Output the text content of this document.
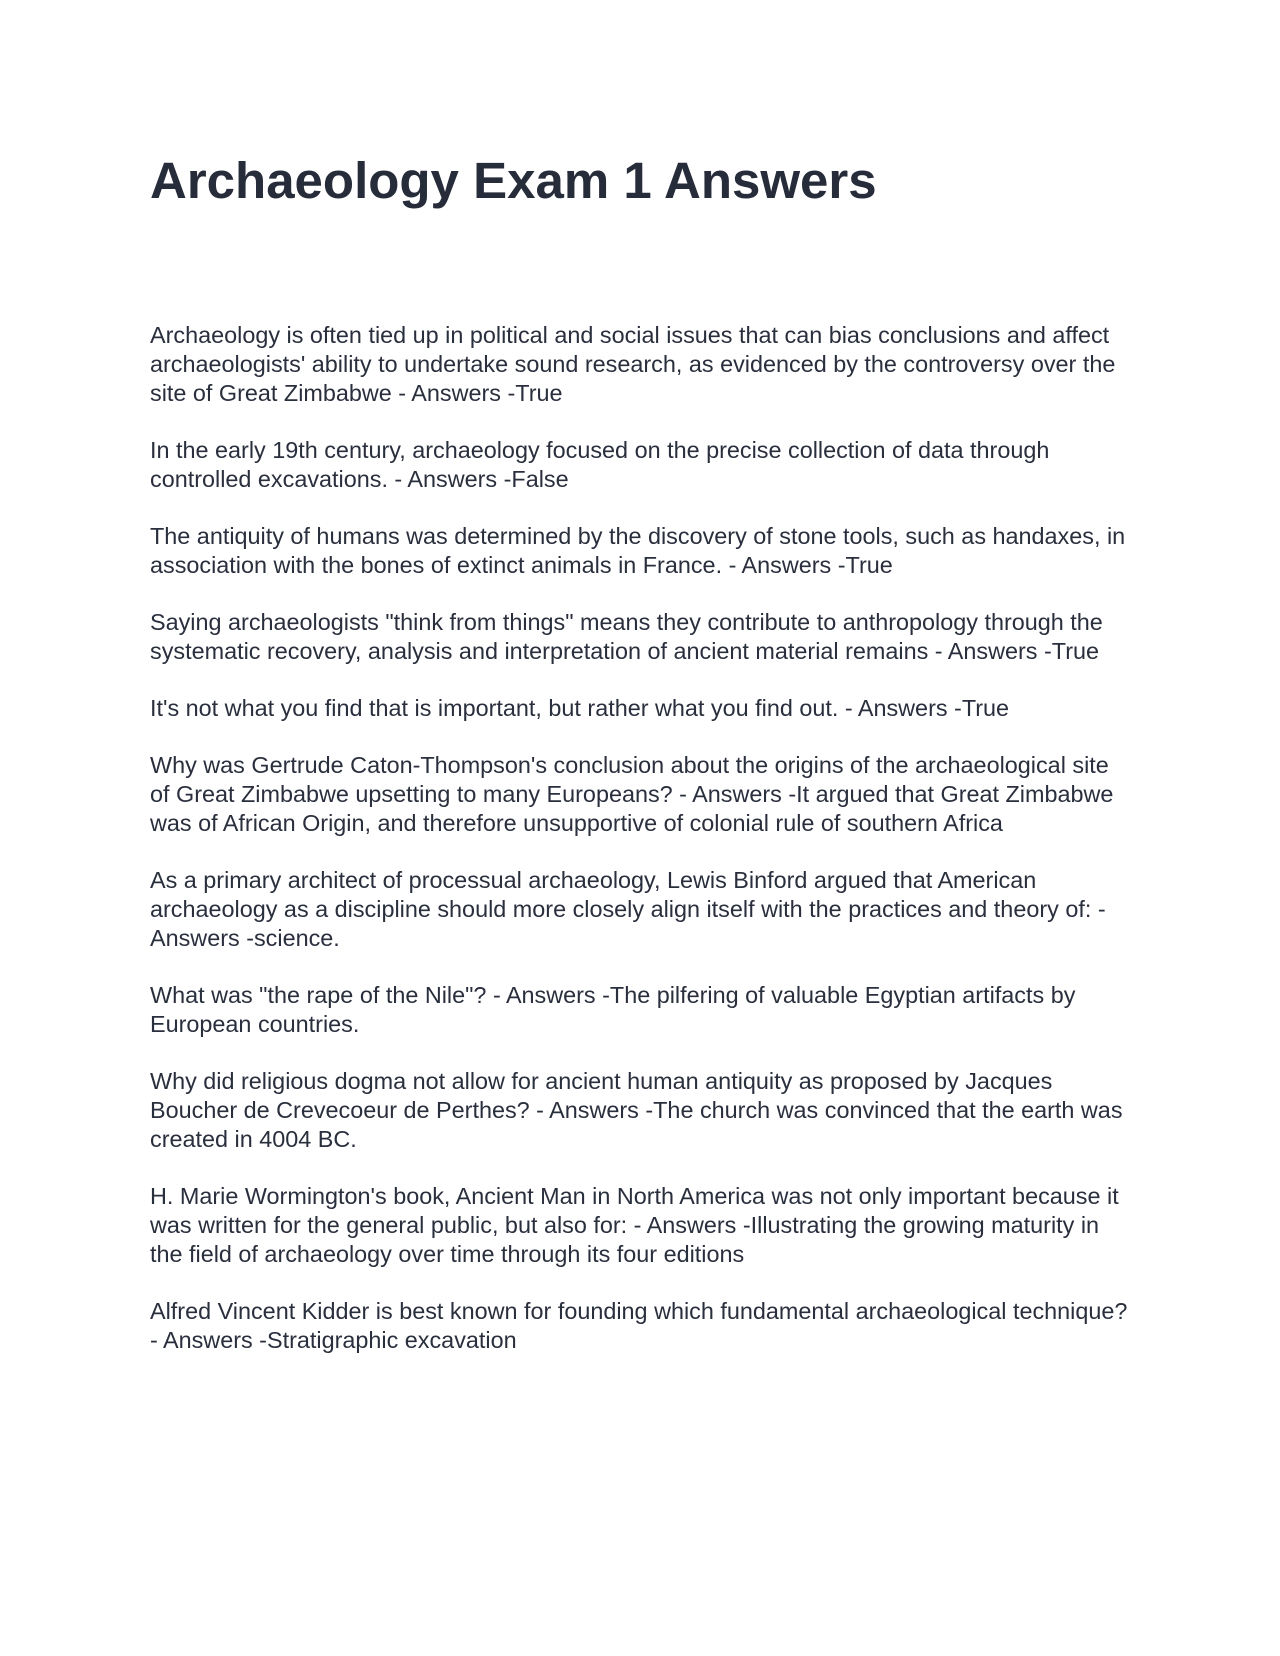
Archaeology Exam 1 Answers

Archaeology is often tied up in political and social issues that can bias conclusions and affect archaeologists' ability to undertake sound research, as evidenced by the controversy over the site of Great Zimbabwe - Answers -True

In the early 19th century, archaeology focused on the precise collection of data through controlled excavations. - Answers -False

The antiquity of humans was determined by the discovery of stone tools, such as handaxes, in association with the bones of extinct animals in France. - Answers -True

Saying archaeologists "think from things" means they contribute to anthropology through the systematic recovery, analysis and interpretation of ancient material remains - Answers -True

It's not what you find that is important, but rather what you find out. - Answers -True

Why was Gertrude Caton-Thompson's conclusion about the origins of the archaeological site of Great Zimbabwe upsetting to many Europeans? - Answers -It argued that Great Zimbabwe was of African Origin, and therefore unsupportive of colonial rule of southern Africa

As a primary architect of processual archaeology, Lewis Binford argued that American archaeology as a discipline should more closely align itself with the practices and theory of: - Answers -science.

What was "the rape of the Nile"? - Answers -The pilfering of valuable Egyptian artifacts by European countries.

Why did religious dogma not allow for ancient human antiquity as proposed by Jacques Boucher de Crevecoeur de Perthes? - Answers -The church was convinced that the earth was created in 4004 BC.

H. Marie Wormington's book, Ancient Man in North America was not only important because it was written for the general public, but also for: - Answers -Illustrating the growing maturity in the field of archaeology over time through its four editions

Alfred Vincent Kidder is best known for founding which fundamental archaeological technique? - Answers -Stratigraphic excavation
